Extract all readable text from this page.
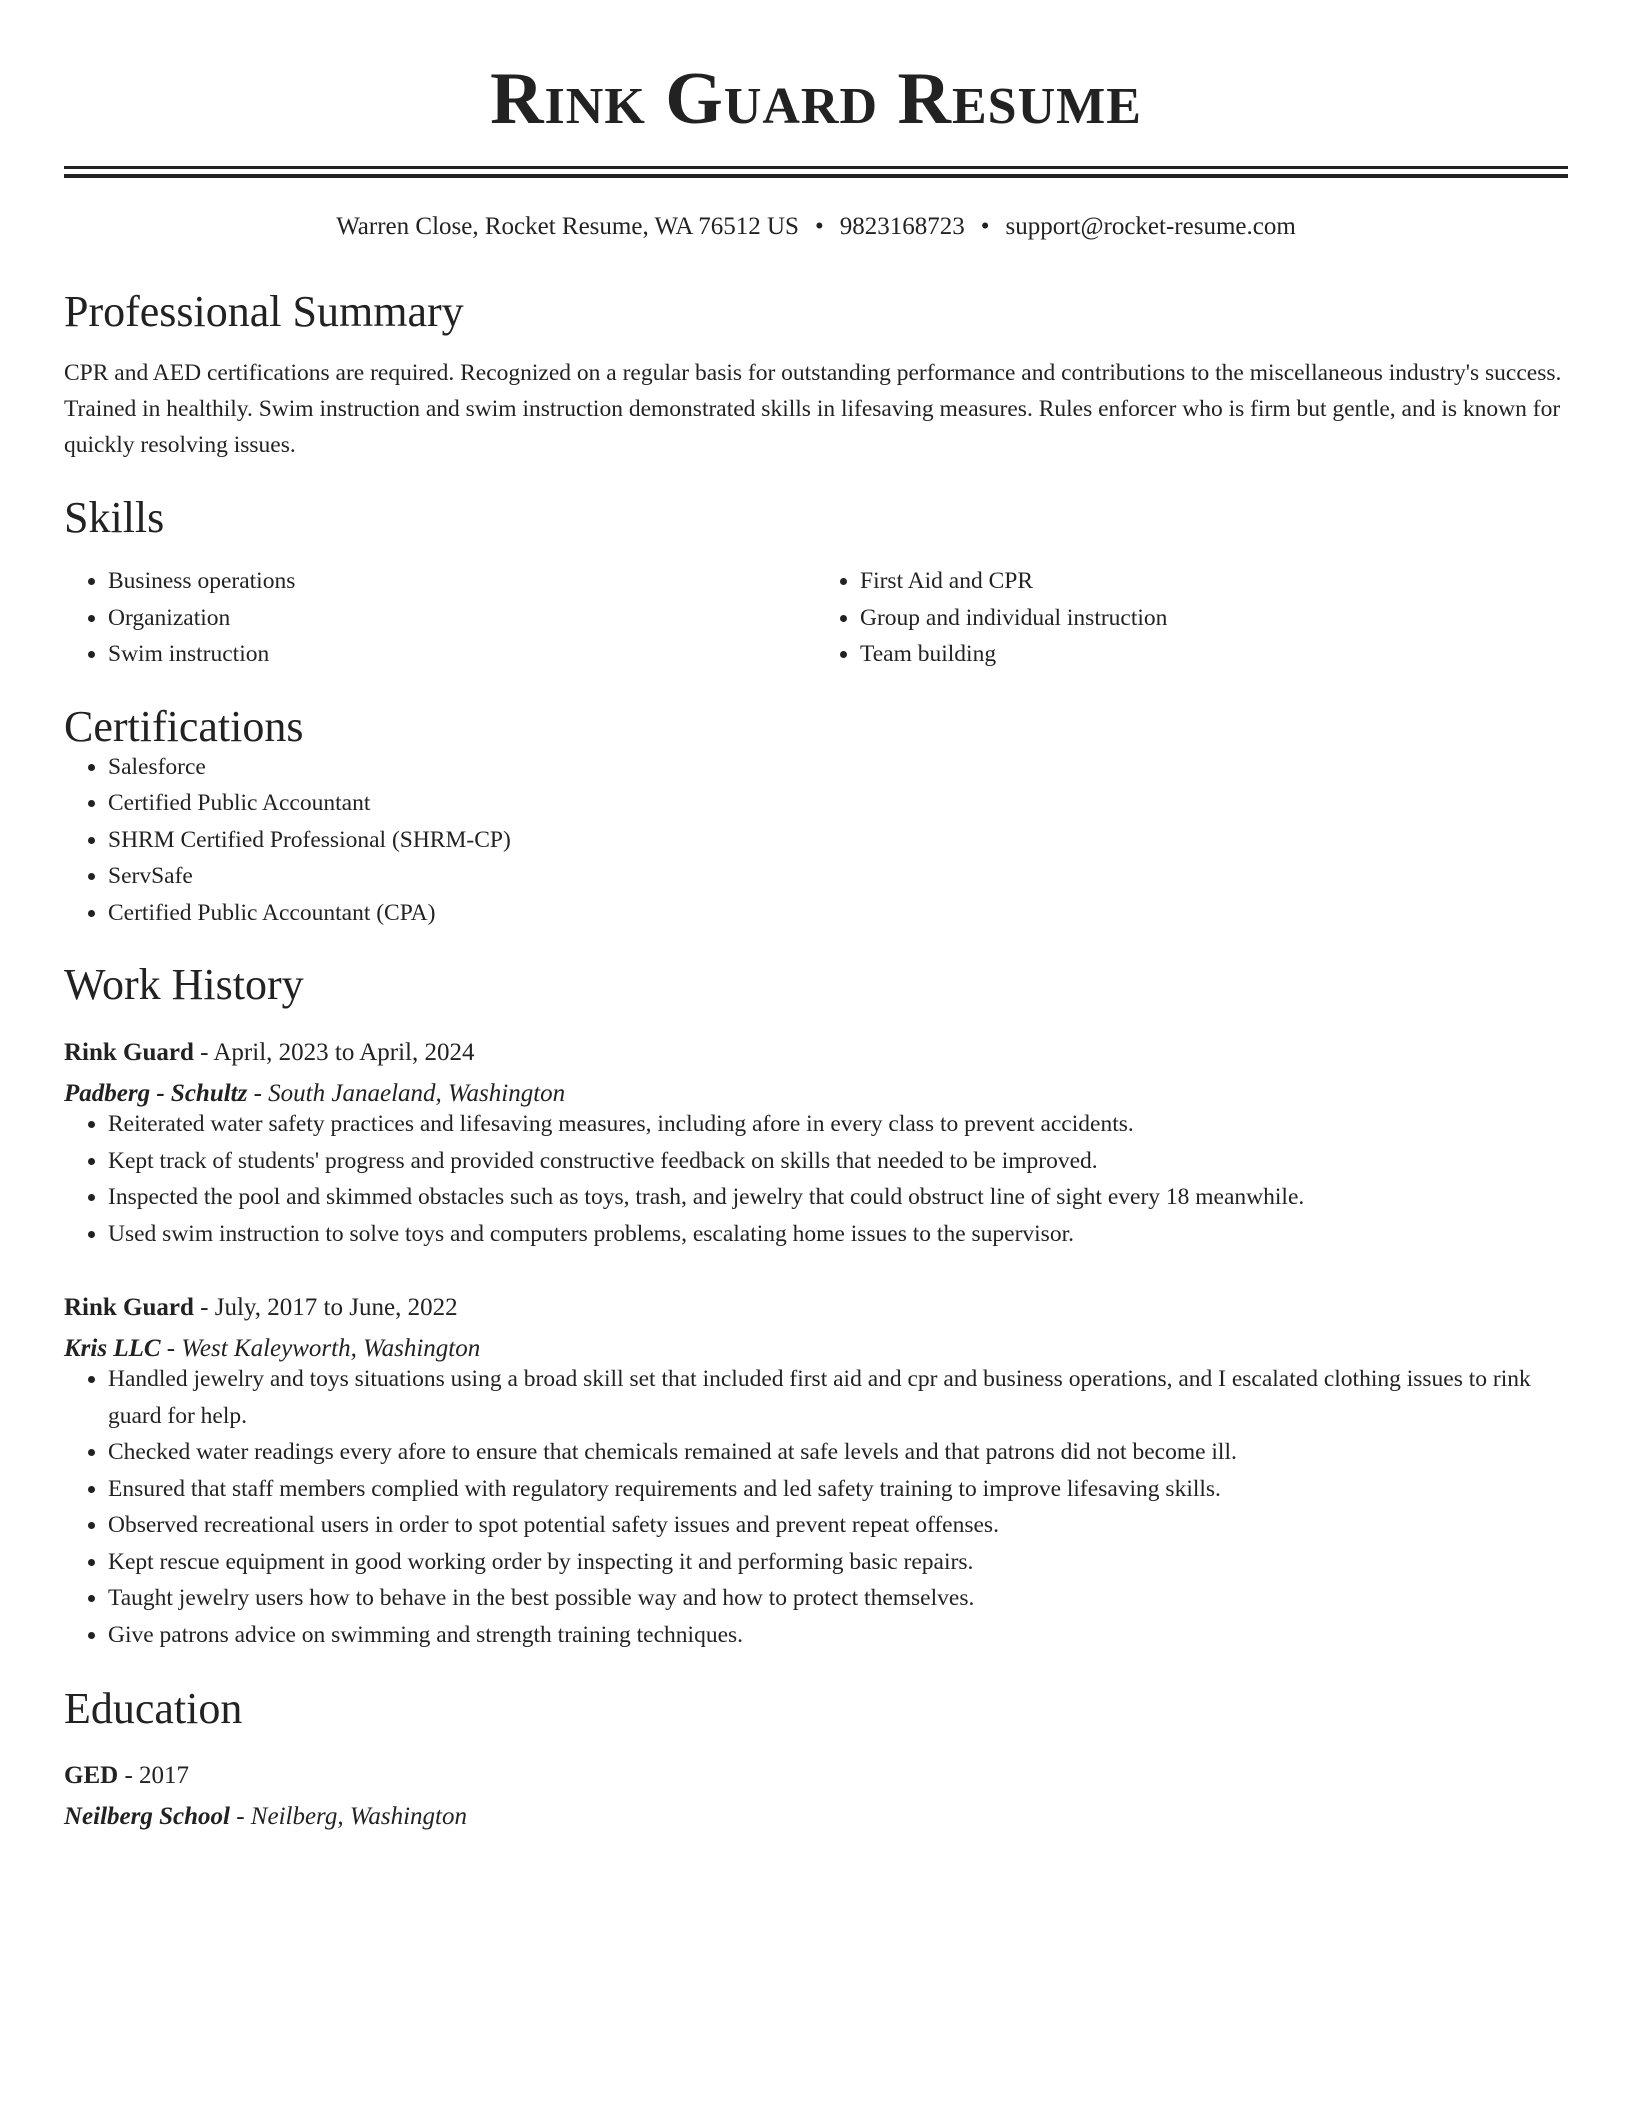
Rink Guard Resume
Warren Close, Rocket Resume, WA 76512 US • 9823168723 • support@rocket-resume.com
Professional Summary

CPR and AED certifications are required. Recognized on a regular basis for outstanding performance and contributions to the miscellaneous industry's success. Trained in healthily. Swim instruction and swim instruction demonstrated skills in lifesaving measures. Rules enforcer who is firm but gentle, and is known for quickly resolving issues.

Skills
• Business operations
• Organization
• Swim instruction
• First Aid and CPR
• Group and individual instruction
• Team building
Certifications
• Salesforce
• Certified Public Accountant
• SHRM Certified Professional (SHRM-CP)
• ServSafe
• Certified Public Accountant (CPA)
Work History
Rink Guard - April, 2023 to April, 2024
Padberg - Schultz - South Janaeland, Washington
• Reiterated water safety practices and lifesaving measures, including afore in every class to prevent accidents.
• Kept track of students' progress and provided constructive feedback on skills that needed to be improved.
• Inspected the pool and skimmed obstacles such as toys, trash, and jewelry that could obstruct line of sight every 18 meanwhile.
• Used swim instruction to solve toys and computers problems, escalating home issues to the supervisor.
Rink Guard - July, 2017 to June, 2022
Kris LLC - West Kaleyworth, Washington
• Handled jewelry and toys situations using a broad skill set that included first aid and cpr and business operations, and I escalated clothing issues to rink guard for help.
• Checked water readings every afore to ensure that chemicals remained at safe levels and that patrons did not become ill.
• Ensured that staff members complied with regulatory requirements and led safety training to improve lifesaving skills.
• Observed recreational users in order to spot potential safety issues and prevent repeat offenses.
• Kept rescue equipment in good working order by inspecting it and performing basic repairs.
• Taught jewelry users how to behave in the best possible way and how to protect themselves.
• Give patrons advice on swimming and strength training techniques.
Education
GED - 2017
Neilberg School - Neilberg, Washington
